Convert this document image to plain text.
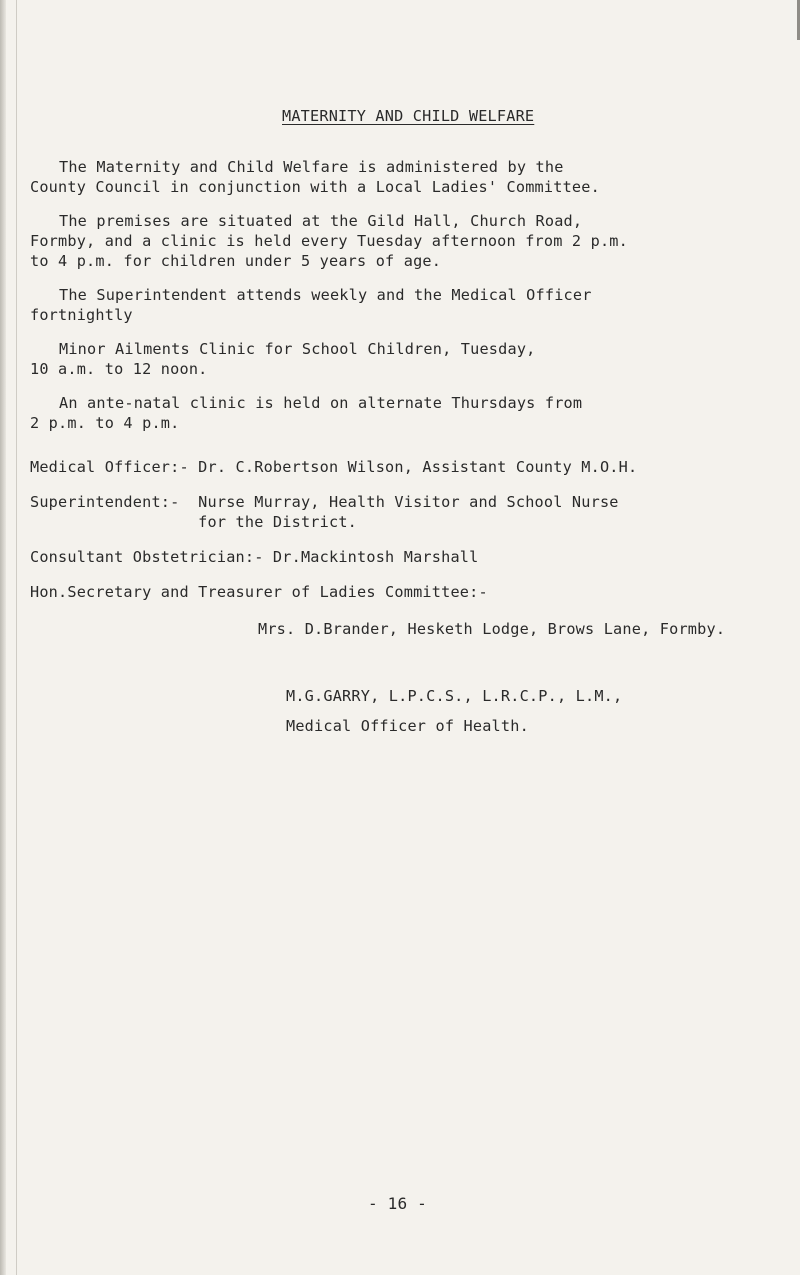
MATERNITY AND CHILD WELFARE
The Maternity and Child Welfare is administered by the
County Council in conjunction with a Local Ladies' Committee.
The premises are situated at the Gild Hall, Church Road,
Formby, and a clinic is held every Tuesday afternoon from 2 p.m.
to 4 p.m. for children under 5 years of age.
The Superintendent attends weekly and the Medical Officer
fortnightly
Minor Ailments Clinic for School Children, Tuesday,
10 a.m. to 12 noon.
An ante-natal clinic is held on alternate Thursdays from
2 p.m. to 4 p.m.
Medical Officer:- Dr. C.Robertson Wilson, Assistant County M.O.H.
Superintendent:-  Nurse Murray, Health Visitor and School Nurse
for the District.
Consultant Obstetrician:- Dr.Mackintosh Marshall
Hon.Secretary and Treasurer of Ladies Committee:-
Mrs. D.Brander, Hesketh Lodge, Brows Lane, Formby.
M.G.GARRY, L.P.C.S., L.R.C.P., L.M.,
Medical Officer of Health.
- 16 -
